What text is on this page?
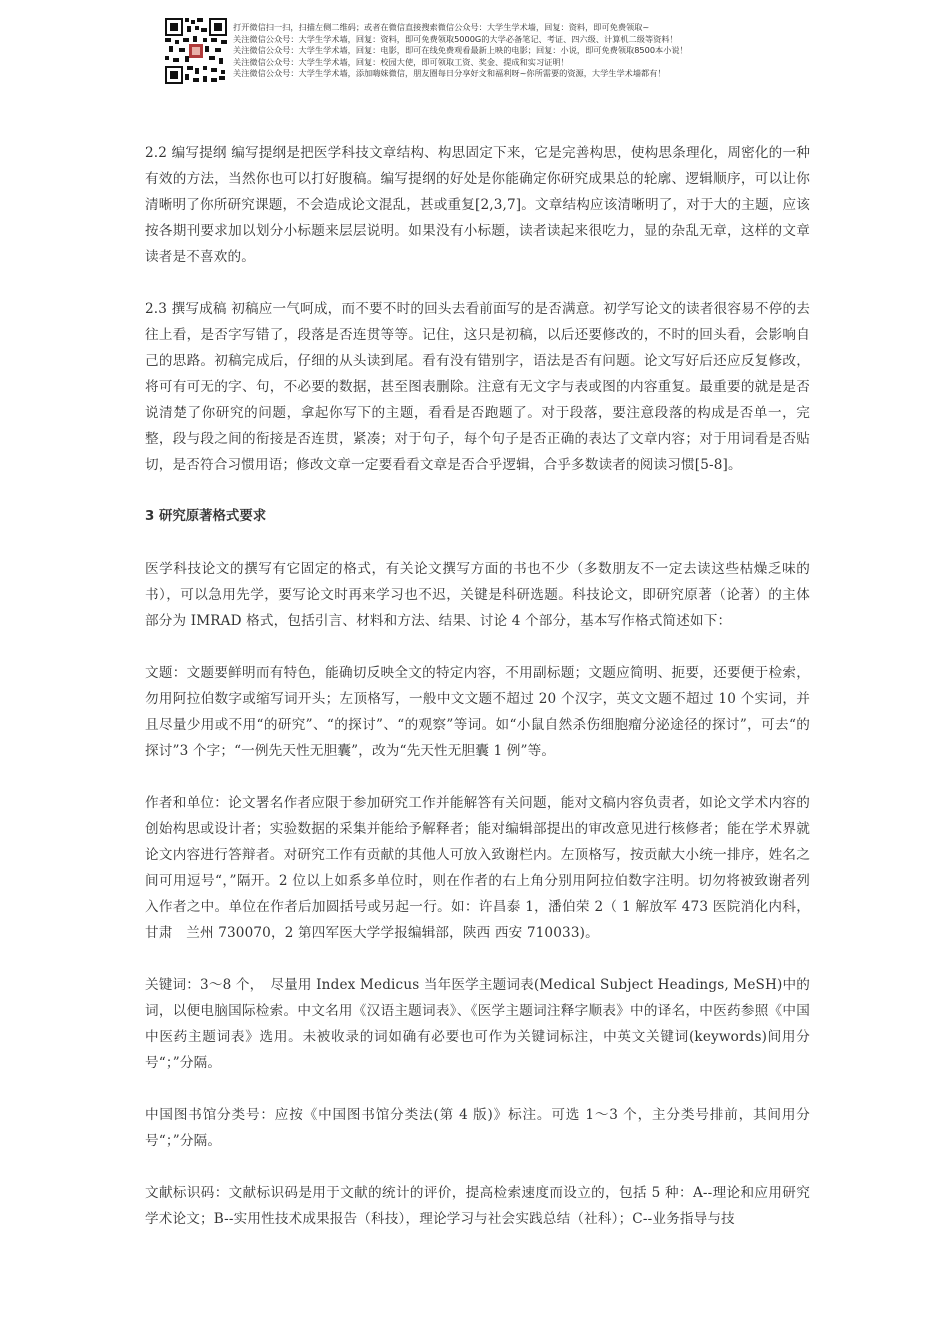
打开微信扫一扫，扫描左侧二维码；或者在微信直接搜索微信公众号：大学生学术墙，回复：资料，即可免费领取~
关注微信公众号：大学生学术墙，回复：资料，即可免费领取5000G的大学必备笔记、考证、四六级、计算机二级等资料！
关注微信公众号：大学生学术墙，回复：电影，即可在线免费观看最新上映的电影；回复：小说，即可免费领取8500本小说！
关注微信公众号：大学生学术墙，回复：校园大使，即可领取工资、奖金、提成和实习证明！
关注微信公众号：大学生学术墙，添加嗨妹微信，朋友圈每日分享好文和福利呀~你所需要的资源，大学生学术墙都有！

2.2 编写提纲 编写提纲是把医学科技文章结构、构思固定下来，它是完善构思，使构思条理化，周密化的一种有效的方法，当然你也可以打好腹稿。编写提纲的好处是你能确定你研究成果总的轮廓、逻辑顺序，可以让你清晰明了你所研究课题，不会造成论文混乱，甚或重复[2,3,7]。文章结构应该清晰明了，对于大的主题，应该按各期刊要求加以划分小标题来层层说明。如果没有小标题，读者读起来很吃力，显的杂乱无章，这样的文章读者是不喜欢的。

2.3 撰写成稿 初稿应一气呵成，而不要不时的回头去看前面写的是否满意。初学写论文的读者很容易不停的去往上看，是否字写错了，段落是否连贯等等。记住，这只是初稿，以后还要修改的，不时的回头看，会影响自己的思路。初稿完成后，仔细的从头读到尾。看有没有错别字，语法是否有问题。论文写好后还应反复修改，将可有可无的字、句，不必要的数据，甚至图表删除。注意有无文字与表或图的内容重复。最重要的就是是否说清楚了你研究的问题，拿起你写下的主题，看看是否跑题了。对于段落，要注意段落的构成是否单一，完整，段与段之间的衔接是否连贯，紧凑；对于句子，每个句子是否正确的表达了文章内容；对于用词看是否贴切，是否符合习惯用语；修改文章一定要看看文章是否合乎逻辑，合乎多数读者的阅读习惯[5-8]。

3 研究原著格式要求

医学科技论文的撰写有它固定的格式，有关论文撰写方面的书也不少（多数朋友不一定去读这些枯燥乏味的书），可以急用先学，要写论文时再来学习也不迟，关键是科研选题。科技论文，即研究原著（论著）的主体部分为 IMRAD 格式，包括引言、材料和方法、结果、讨论 4 个部分，基本写作格式简述如下：

文题：文题要鲜明而有特色，能确切反映全文的特定内容，不用副标题；文题应简明、扼要，还要便于检索，勿用阿拉伯数字或缩写词开头；左顶格写，一般中文文题不超过 20 个汉字，英文文题不超过 10 个实词，并且尽量少用或不用“的研究”、“的探讨”、“的观察”等词。如“小鼠自然杀伤细胞瘤分泌途径的探讨”，可去“的探讨”3 个字；“一例先天性无胆囊”，改为“先天性无胆囊 1 例”等。

作者和单位：论文署名作者应限于参加研究工作并能解答有关问题，能对文稿内容负责者，如论文学术内容的创始构思或设计者；实验数据的采集并能给予解释者；能对编辑部提出的审改意见进行核修者；能在学术界就论文内容进行答辩者。对研究工作有贡献的其他人可放入致谢栏内。左顶格写，按贡献大小统一排序，姓名之间可用逗号“，”隔开。2 位以上如系多单位时，则在作者的右上角分别用阿拉伯数字注明。切勿将被致谢者列入作者之中。单位在作者后加圆括号或另起一行。如：许昌泰 1，潘伯荣 2（ 1 解放军 473 医院消化内科，甘肃　兰州 730070，2 第四军医大学学报编辑部，陕西 西安 710033)。

关键词：3～8 个，　尽量用 Index Medicus 当年医学主题词表(Medical Subject Headings, MeSH)中的词，以便电脑国际检索。中文名用《汉语主题词表》、《医学主题词注释字顺表》中的译名，中医药参照《中国中医药主题词表》选用。未被收录的词如确有必要也可作为关键词标注，中英文关键词(keywords)间用分号“；”分隔。

中国图书馆分类号：应按《中国图书馆分类法(第 4 版)》标注。可选 1～3 个，主分类号排前，其间用分号“；”分隔。

文献标识码：文献标识码是用于文献的统计的评价，提高检索速度而设立的，包括 5 种：A--理论和应用研究学术论文；B--实用性技术成果报告（科技），理论学习与社会实践总结（社科）；C--业务指导与技
